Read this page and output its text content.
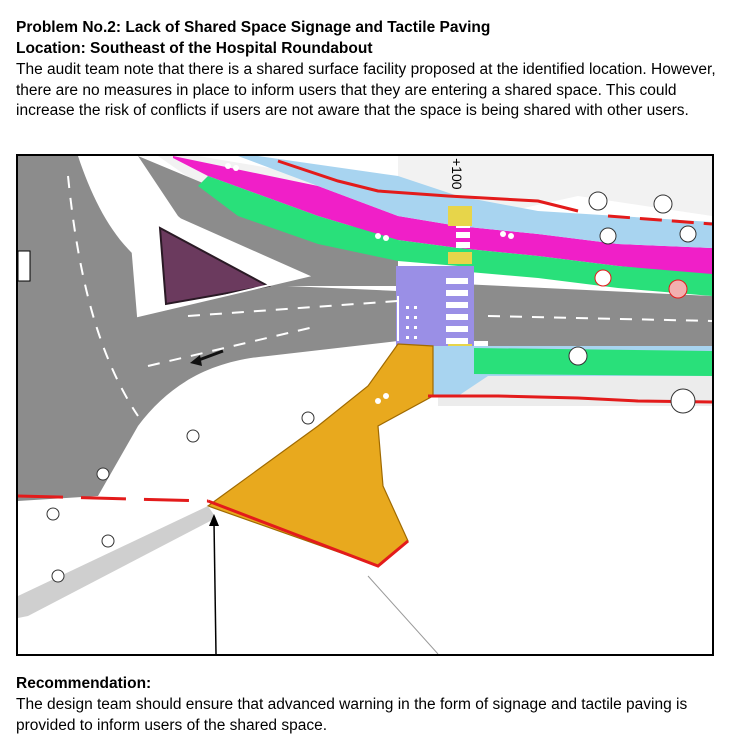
Problem No.2: Lack of Shared Space Signage and Tactile Paving
Location: Southeast of the Hospital Roundabout
The audit team note that there is a shared surface facility proposed at the identified location. However, there are no measures in place to inform users that they are entering a shared space. This could increase the risk of conflicts if users are not aware that the space is being shared with other users.
+100
Recommendation:
The design team should ensure that advanced warning in the form of signage and tactile paving is provided to inform users of the shared space.
